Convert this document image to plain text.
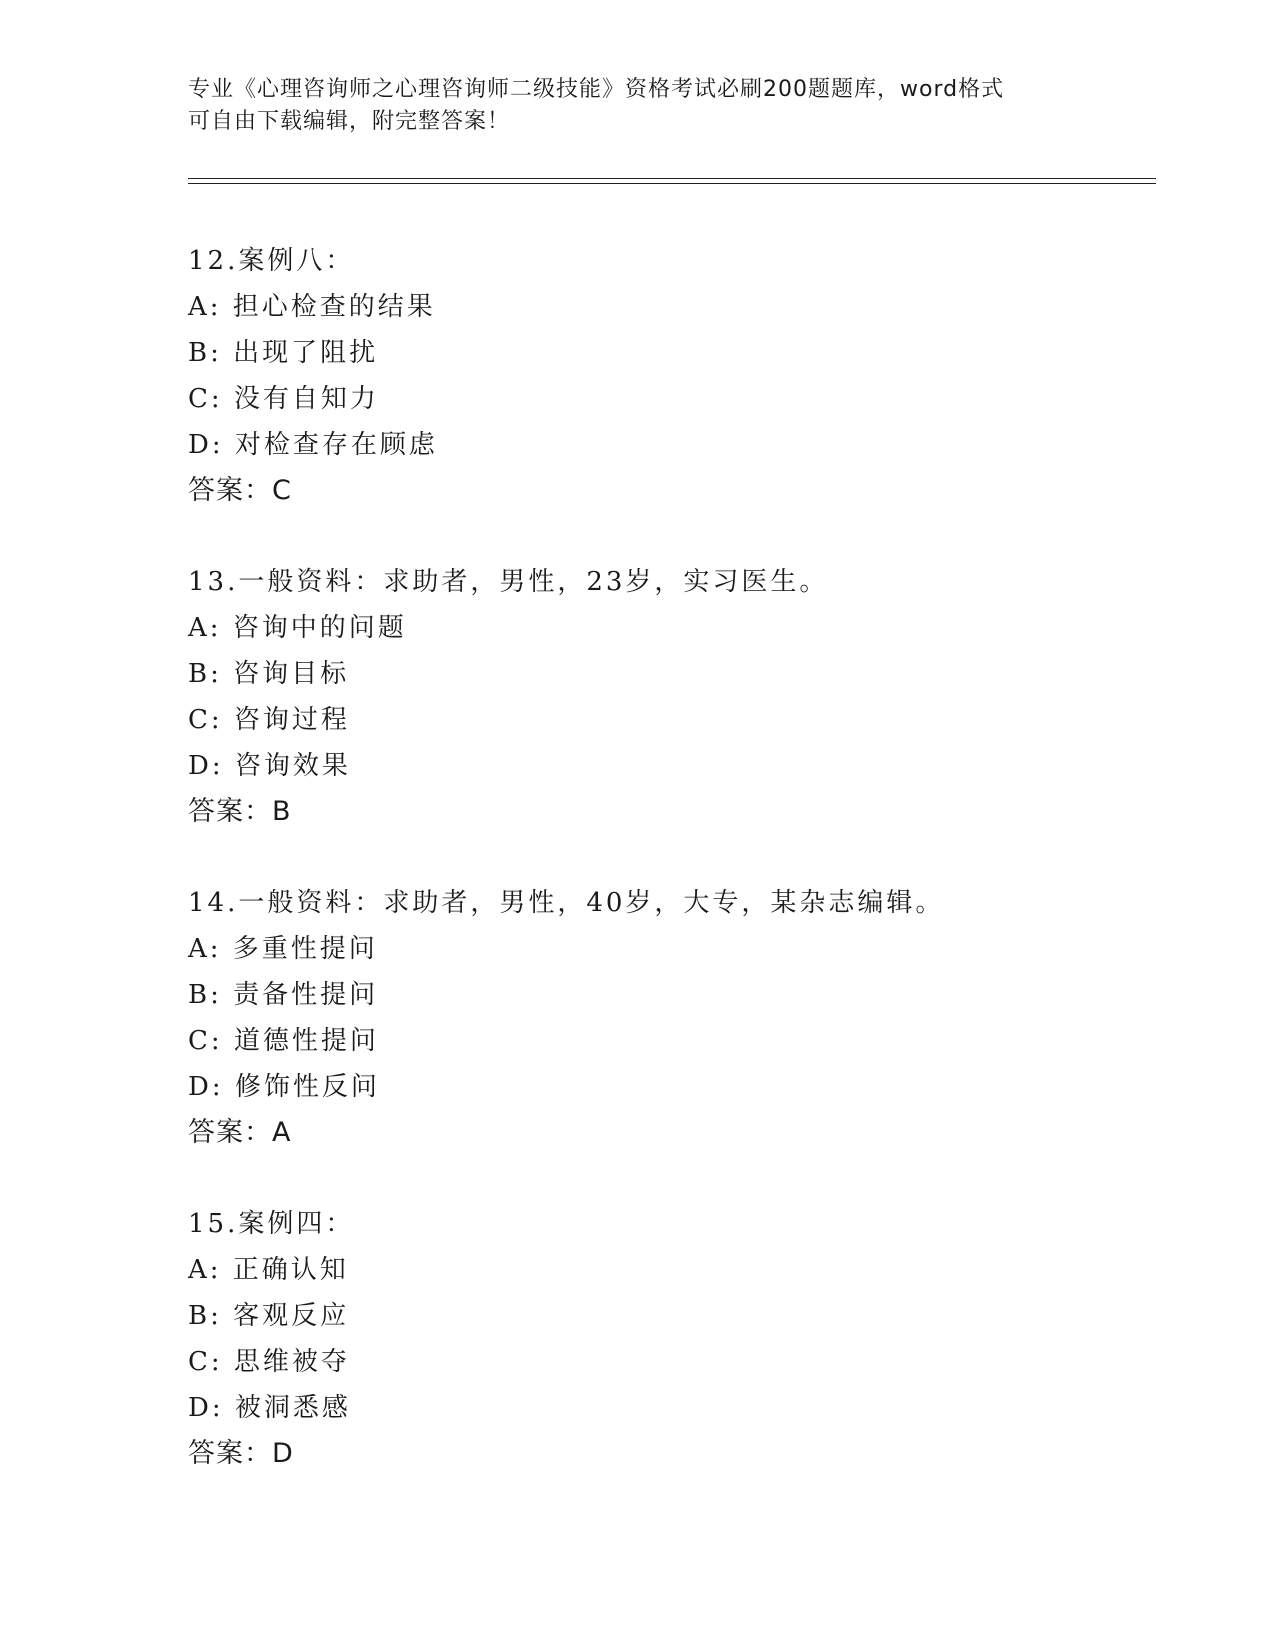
专业《心理咨询师之心理咨询师二级技能》资格考试必刷200题题库，word格式
可自由下载编辑，附完整答案！
12.案例八：
A: 担心检查的结果
B: 出现了阻扰
C: 没有自知力
D: 对检查存在顾虑
答案：C
13.一般资料：求助者，男性，23岁，实习医生。
A: 咨询中的问题
B: 咨询目标
C: 咨询过程
D: 咨询效果
答案：B
14.一般资料：求助者，男性，40岁，大专，某杂志编辑。
A: 多重性提问
B: 责备性提问
C: 道德性提问
D: 修饰性反问
答案：A
15.案例四：
A: 正确认知
B: 客观反应
C: 思维被夺
D: 被洞悉感
答案：D
